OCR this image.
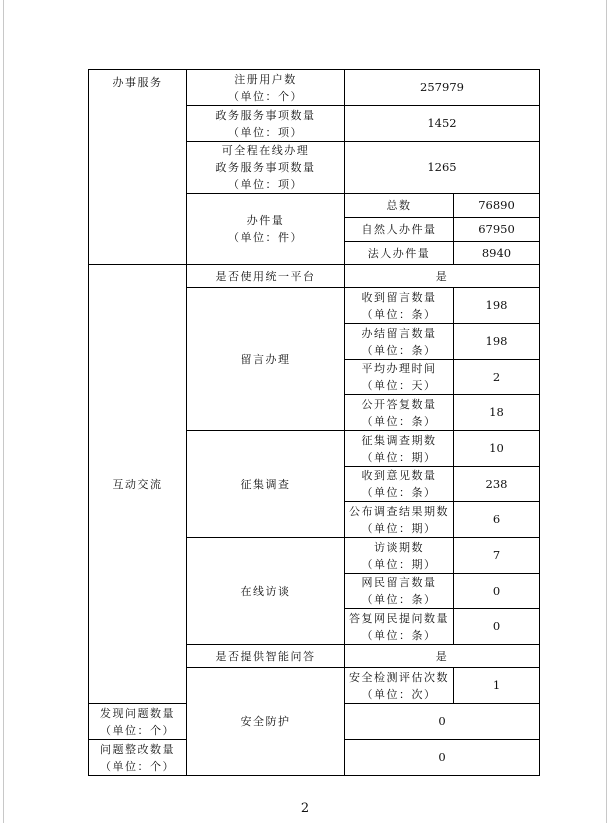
办事服务	注册用户数
（单位：个）	257979	

	政务服务事项数量
（单位：项）	1452	

	可全程在线办理
政务服务事项数量
（单位：项）	1265	

	办件量
（单位：件）	总数	76890
		自然人办件量	67950
		法人办件量	8940
互动交流	是否使用统一平台	是	
	留言办理	收到留言数量
（单位：条）	198

		办结留言数量
（单位：条）	198

		平均办理时间
（单位：天）	2

		公开答复数量
（单位：条）	18
	征集调查	征集调查期数
（单位：期）	10

		收到意见数量
（单位：条）	238

		公布调查结果期数
（单位：期）	6
	在线访谈	访谈期数
（单位：期）	7

		网民留言数量
（单位：条）	0

		答复网民提问数量
（单位：条）	0
	是否提供智能问答	是	
	安全防护	安全检测评估次数
（单位：次）	1

发现问题数量
（单位：个）		0	

问题整改数量
（单位：个）		0	
2
